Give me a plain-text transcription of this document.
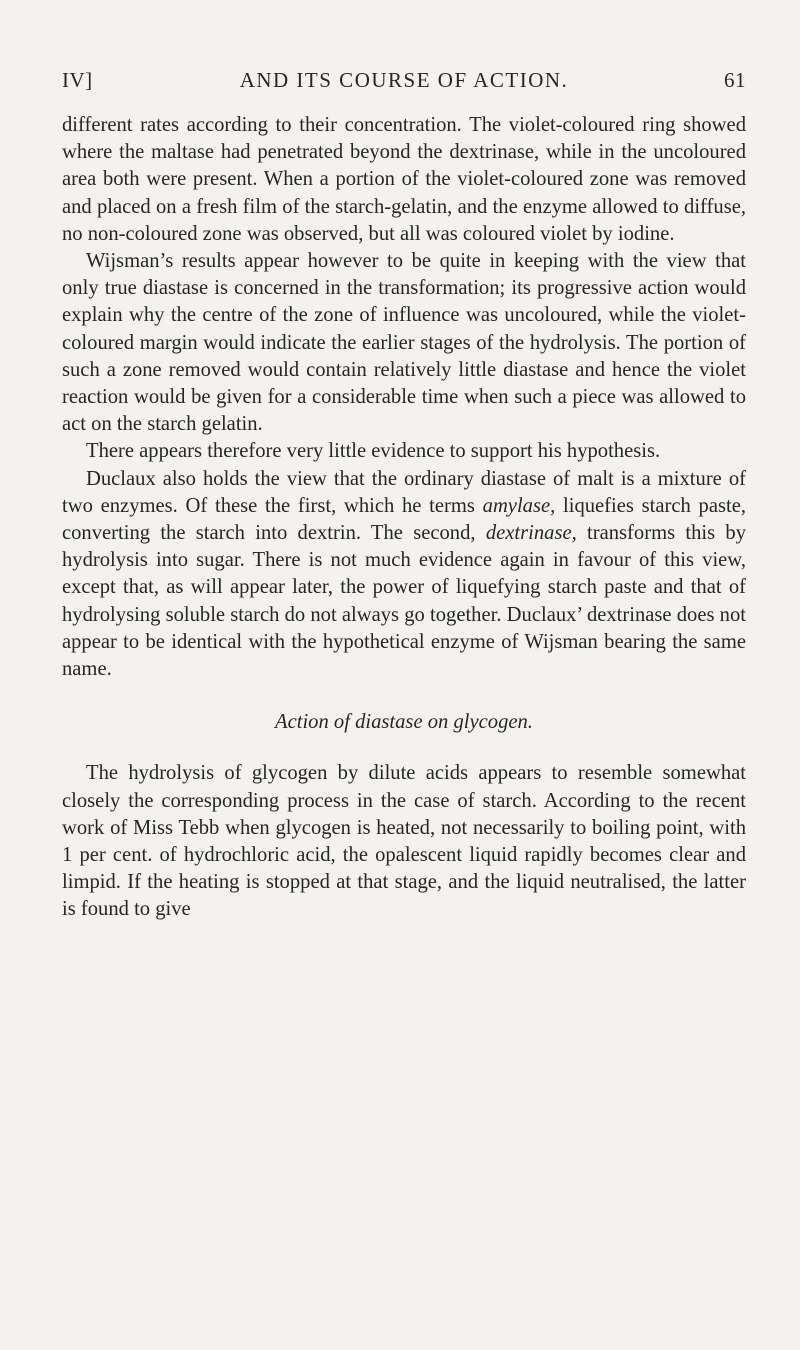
IV]	AND ITS COURSE OF ACTION.	61

different rates according to their concentration. The violet-coloured ring showed where the maltase had penetrated beyond the dextrinase, while in the uncoloured area both were present. When a portion of the violet-coloured zone was removed and placed on a fresh film of the starch-gelatin, and the enzyme allowed to diffuse, no non-coloured zone was observed, but all was coloured violet by iodine.

Wijsman’s results appear however to be quite in keeping with the view that only true diastase is concerned in the transformation; its progressive action would explain why the centre of the zone of influence was uncoloured, while the violet-coloured margin would indicate the earlier stages of the hydrolysis. The portion of such a zone removed would contain relatively little diastase and hence the violet reaction would be given for a considerable time when such a piece was allowed to act on the starch gelatin.

There appears therefore very little evidence to support his hypothesis.

Duclaux also holds the view that the ordinary diastase of malt is a mixture of two enzymes. Of these the first, which he terms amylase, liquefies starch paste, converting the starch into dextrin. The second, dextrinase, transforms this by hydrolysis into sugar. There is not much evidence again in favour of this view, except that, as will appear later, the power of liquefying starch paste and that of hydrolysing soluble starch do not always go together. Duclaux’ dextrinase does not appear to be identical with the hypothetical enzyme of Wijsman bearing the same name.

Action of diastase on glycogen.

The hydrolysis of glycogen by dilute acids appears to resemble somewhat closely the corresponding process in the case of starch. According to the recent work of Miss Tebb when glycogen is heated, not necessarily to boiling point, with 1 per cent. of hydrochloric acid, the opalescent liquid rapidly becomes clear and limpid. If the heating is stopped at that stage, and the liquid neutralised, the latter is found to give
